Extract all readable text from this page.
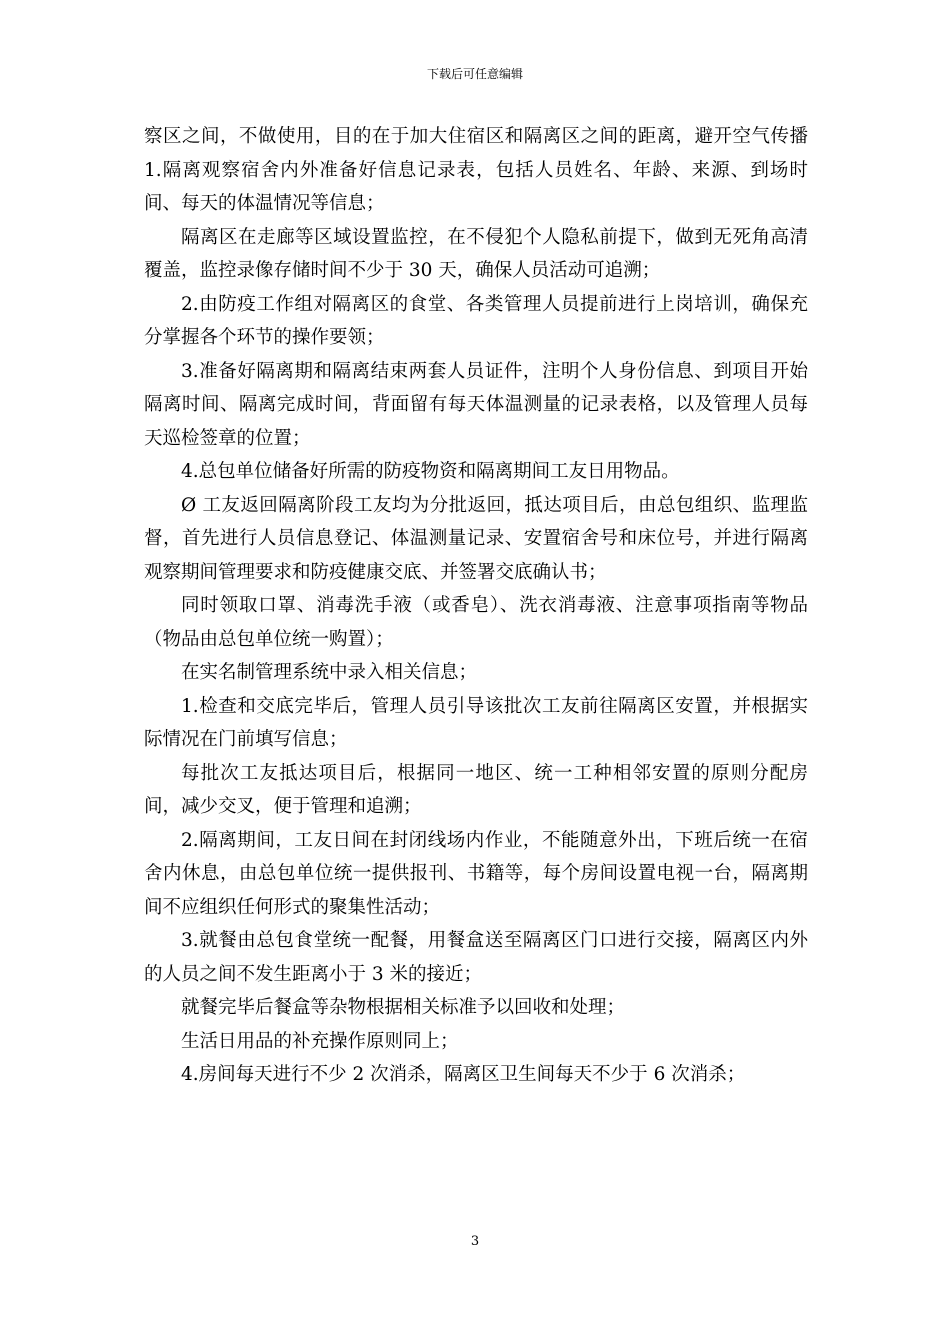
下载后可任意编辑

察区之间，不做使用，目的在于加大住宿区和隔离区之间的距离，避开空气传播 1.隔离观察宿舍内外准备好信息记录表，包括人员姓名、年龄、来源、到场时间、每天的体温情况等信息；

隔离区在走廊等区域设置监控，在不侵犯个人隐私前提下，做到无死角高清覆盖，监控录像存储时间不少于 30 天，确保人员活动可追溯；

2.由防疫工作组对隔离区的食堂、各类管理人员提前进行上岗培训，确保充分掌握各个环节的操作要领；

3.准备好隔离期和隔离结束两套人员证件，注明个人身份信息、到项目开始隔离时间、隔离完成时间，背面留有每天体温测量的记录表格，以及管理人员每天巡检签章的位置；

4.总包单位储备好所需的防疫物资和隔离期间工友日用物品。

Ø 工友返回隔离阶段工友均为分批返回，抵达项目后，由总包组织、监理监督，首先进行人员信息登记、体温测量记录、安置宿舍号和床位号，并进行隔离观察期间管理要求和防疫健康交底、并签署交底确认书；

同时领取口罩、消毒洗手液（或香皂）、洗衣消毒液、注意事项指南等物品（物品由总包单位统一购置）；

在实名制管理系统中录入相关信息；

1.检查和交底完毕后，管理人员引导该批次工友前往隔离区安置，并根据实际情况在门前填写信息；

每批次工友抵达项目后，根据同一地区、统一工种相邻安置的原则分配房间，减少交叉，便于管理和追溯；

2.隔离期间，工友日间在封闭线场内作业，不能随意外出，下班后统一在宿舍内休息，由总包单位统一提供报刊、书籍等，每个房间设置电视一台，隔离期间不应组织任何形式的聚集性活动；

3.就餐由总包食堂统一配餐，用餐盒送至隔离区门口进行交接，隔离区内外的人员之间不发生距离小于 3 米的接近；

就餐完毕后餐盒等杂物根据相关标准予以回收和处理；

生活日用品的补充操作原则同上；

4.房间每天进行不少 2 次消杀，隔离区卫生间每天不少于 6 次消杀；

3
